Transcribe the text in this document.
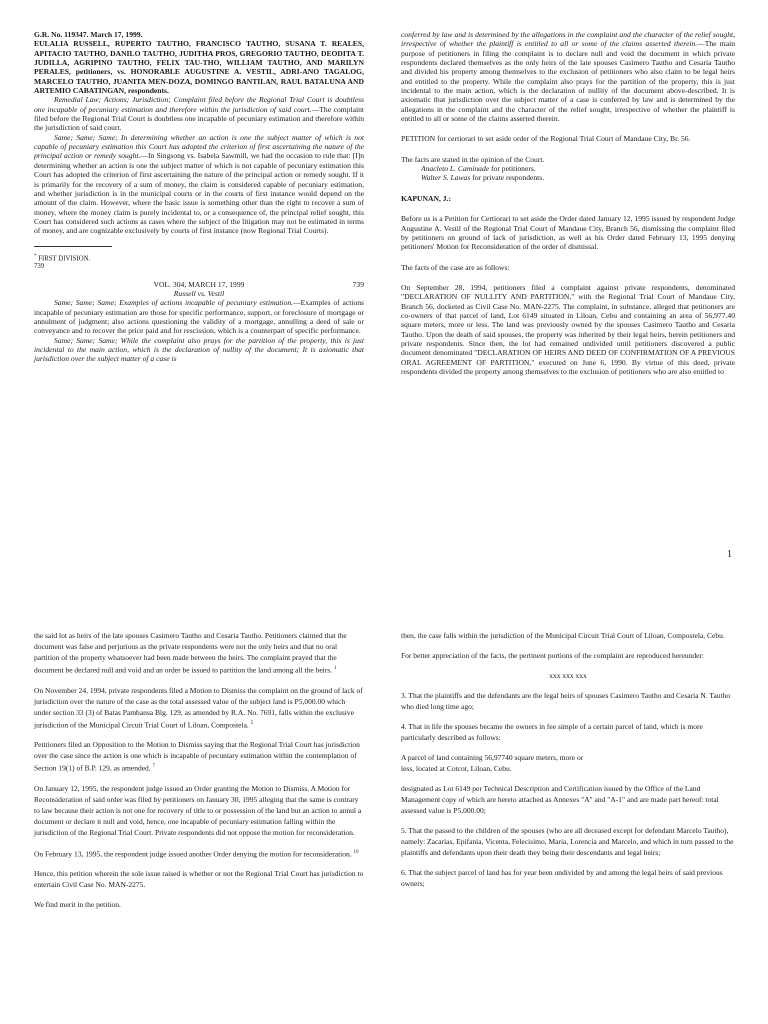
G.R. No. 119347. March 17, 1999.

EULALIA RUSSELL, RUPERTO TAUTHO, FRANCISCO TAUTHO, SUSANA T. REALES, APITACIO TAUTHO, DANILO TAUTHO, JUDITHA PROS, GREGORIO TAUTHO, DEODITA T. JUDILLA, AGRIPINO TAUTHO, FELIX TAU-THO, WILLIAM TAUTHO, AND MARILYN PERALES, petitioners, vs. HONORABLE AUGUSTINE A. VESTIL, ADRI-ANO TAGALOG, MARCELO TAUTHO, JUANITA MEN-DOZA, DOMINGO BANTILAN, RAUL BATALUNA AND ARTEMIO CABATINGAN, respondents.

Remedial Law; Actions; Jurisdiction; Complaint filed before the Regional Trial Court is doubtless one incapable of pecuniary estimation and therefore within the jurisdiction of said court.—The complaint filed before the Regional Trial Court is doubtless one incapable of pecuniary estimation and therefore within the jurisdiction of said court.

Same; Same; Same; In determining whether an action is one the subject matter of which is not capable of pecuniary estimation this Court has adopted the criterion of first ascertaining the nature of the principal action or remedy sought.—In Singsong vs. Isabela Sawmill, we had the occasion to rule that: [I]n determining whether an action is one the subject matter of which is not capable of pecuniary estimation this Court has adopted the criterion of first ascertaining the nature of the principal action or remedy sought. If it is primarily for the recovery of a sum of money, the claim is considered capable of pecuniary estimation, and whether jurisdiction is in the municipal courts or in the courts of first instance would depend on the amount of the claim. However, where the basic issue is something other than the right to recover a sum of money, where the money claim is purely incidental to, or a consequence of, the principal relief sought, this Court has considered such actions as cases where the subject of the litigation may not be estimated in terms of money, and are cognizable exclusively by courts of first instance (now Regional Trial Courts).

* FIRST DIVISION.

739

VOL. 304, MARCH 17, 1999	739

Russell vs. Vestil

Same; Same; Same; Examples of actions incapable of pecuniary estimation.—Examples of actions incapable of pecuniary estimation are those for specific performance, support, or foreclosure of mortgage or annulment of judgment; also actions questioning the validity of a mortgage, annulling a deed of sale or conveyance and to recover the price paid and for rescission, which is a counterpart of specific performance.

Same; Same; Same; While the complaint also prays for the partition of the property, this is just incidental to the main action, which is the declaration of nullity of the document; It is axiomatic that jurisdiction over the subject matter of a case is

conferred by law and is determined by the allegations in the complaint and the character of the relief sought, irrespective of whether the plaintiff is entitled to all or some of the claims asserted therein.—The main purpose of petitioners in filing the complaint is to declare null and void the document in which private respondents declared themselves as the only heirs of the late spouses Casimero Tautho and Cesaria Tautho and divided his property among themselves to the exclusion of petitioners who also claim to be legal heirs and entitled to the property. While the complaint also prays for the partition of the property, this is just incidental to the main action, which is the declaration of nullity of the document above-described. It is axiomatic that jurisdiction over the subject matter of a case is conferred by law and is determined by the allegations in the complaint and the character of the relief sought, irrespective of whether the plaintiff is entitled to all or some of the claims asserted therein.

PETITION for certiorari to set aside order of the Regional Trial Court of Mandaue City, Br. 56.

The facts are stated in the opinion of the Court.

Anacleto L. Caminade for petitioners.

Walter S. Lawas for private respondents.

KAPUNAN, J.:

Before us is a Petition for Certiorari to set aside the Order dated January 12, 1995 issued by respondent Judge Augustine A. Vestil of the Regional Trial Court of Mandaue City, Branch 56, dismissing the complaint filed by petitioners on ground of lack of jurisdiction, as well as his Order dated February 13, 1995 denying petitioners' Motion for Reconsideration of the order of dismissal.

The facts of the case are as follows:

On September 28, 1994, petitioners filed a complaint against private respondents, denominated "DECLARATION OF NULLITY AND PARTITION," with the Regional Trial Court of Mandaue City, Branch 56, docketed as Civil Case No. MAN-2275. The complaint, in substance, alleged that petitioners are co-owners of that parcel of land, Lot 6149 situated in Liloan, Cebu and containing an area of 56,977.40 square meters, more or less. The land was previously owned by the spouses Casimero Tautho and Cesaria Tautho. Upon the death of said spouses, the property was inherited by their legal heirs, herein petitioners and private respondents. Since then, the lot had remained undivided until petitioners discovered a public document denominated "DECLARATION OF HEIRS AND DEED OF CONFIRMATION OF A PREVIOUS ORAL AGREEMENT OF PARTITION," executed on June 6, 1990. By virtue of this deed, private respondents divided the property among themselves to the exclusion of petitioners who are also entitled to

1

the said lot as heirs of the late spouses Casimero Tautho and Cesaria Tautho. Petitioners claimed that the document was false and perjurious as the private respondents were not the only heirs and that no oral partition of the property whatsoever had been made between the heirs. The complaint prayed that the document be declared null and void and an order be issued to partition the land among all the heirs. $^1$

On November 24, 1994, private respondents filed a Motion to Dismiss the complaint on the ground of lack of jurisdiction over the nature of the case as the total assessed value of the subject land is P5,000.00 which under section 33 (3) of Batas Pambansa Blg. 129, as amended by R.A. No. 7691, falls within the exclusive jurisdiction of the Municipal Circuit Trial Court of Liloan, Compostela. $^5$

Petitioners filed an Opposition to the Motion to Dismiss saying that the Regional Trial Court has jurisdiction over the case since the action is one which is incapable of pecuniary estimation within the contemplation of Section 19(1) of B.P. 129, as amended. $^7$

On January 12, 1995, the respondent judge issued an Order granting the Motion to Dismiss. A Motion for Reconsideration of said order was filed by petitioners on January 30, 1995 alleging that the same is contrary to law because their action is not one for recovery of title to or possession of the land but an action to annul a document or declare it null and void, hence, one incapable of pecuniary estimation falling within the jurisdiction of the Regional Trial Court. Private respondents did not oppose the motion for reconsideration.

On February 13, 1995, the respondent judge issued another Order denying the motion for reconsideration. $^{10}$

Hence, this petition wherein the sole issue raised is whether or not the Regional Trial Court has jurisdiction to entertain Civil Case No. MAN-2275.

We find merit in the petition.

then, the case falls within the jurisdiction of the Municipal Circuit Trial Court of Liloan, Compostela, Cebu.

For better appreciation of the facts, the pertinent portions of the complaint are reproduced hereunder:

xxx xxx xxx

3. That the plaintiffs and the defendants are the legal heirs of spouses Casimero Tautho and Cesaria N. Tautho who died long time ago;

4. That in life the spouses became the owners in fee simple of a certain parcel of land, which is more particularly described as follows:

A parcel of land containing 56,97740 square meters, more or less, located at Cotcot, Liloan, Cebu.

designated as Lot 6149 per Technical Description and Certification issued by the Office of the Land Management copy of which are hereto attached as Annexes "A" and "A-1" and are made part hereof: total assessed value is P5,000.00;

5. That the passed to the children of the spouses (who are all deceased except for defendant Marcelo Tautho), namely: Zacarias, Epifania, Vicenta, Felecisimo, Maria, Lorencia and Marcelo, and which in turn passed to the plaintiffs and defendants upon their death they being their descendants and legal heirs;

6. That the subject parcel of land has for year been undivided by and among the legal heirs of said previous owners;
